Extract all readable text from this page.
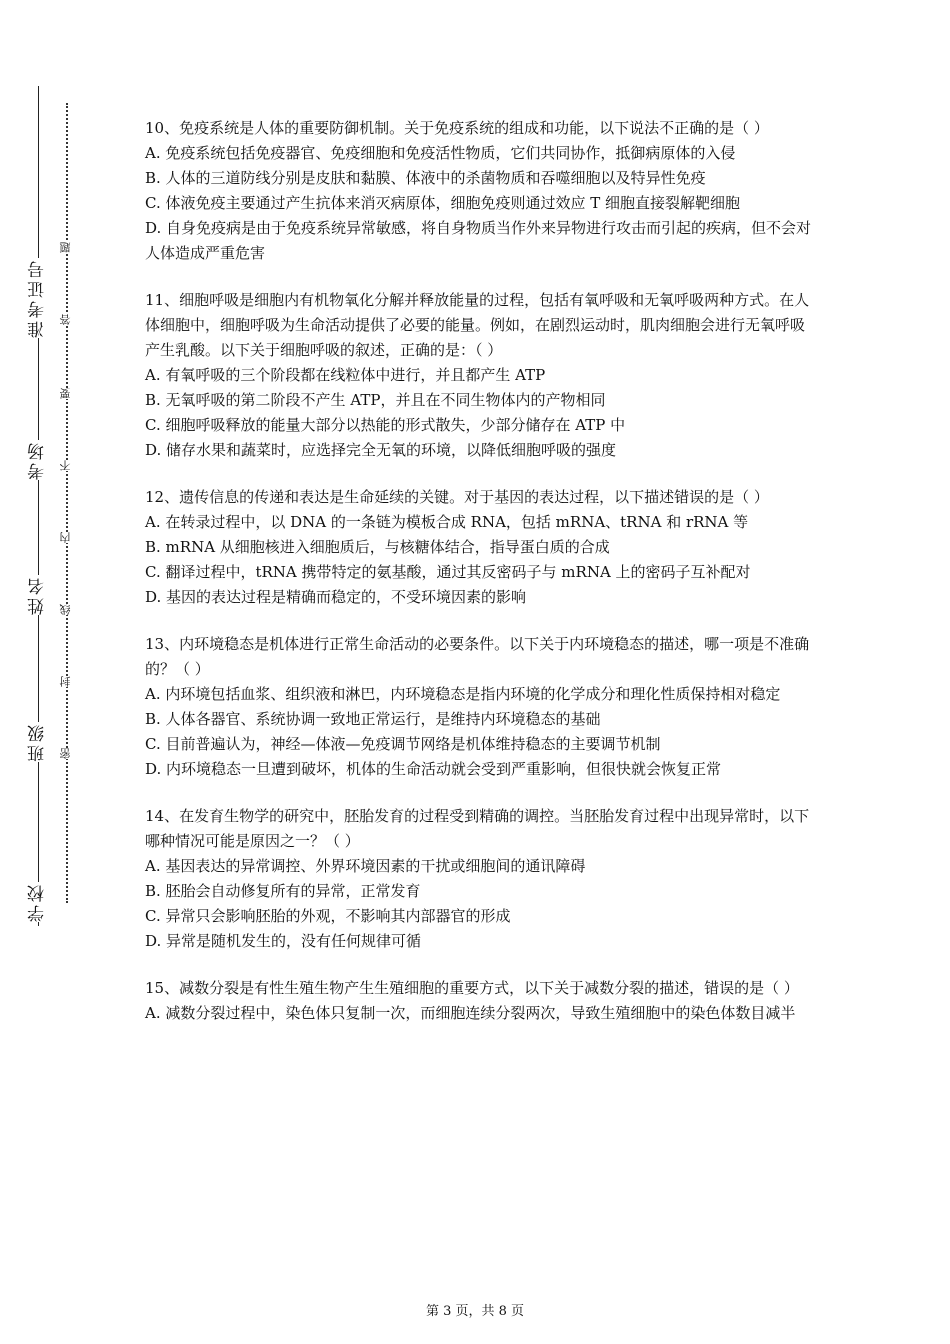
准考证号
考场
姓名
班级
学校
题
答
要
不
内
线
封
密
10、免疫系统是人体的重要防御机制。关于免疫系统的组成和功能，以下说法不正确的是（ ）
A. 免疫系统包括免疫器官、免疫细胞和免疫活性物质，它们共同协作，抵御病原体的入侵
B. 人体的三道防线分别是皮肤和黏膜、体液中的杀菌物质和吞噬细胞以及特异性免疫
C. 体液免疫主要通过产生抗体来消灭病原体，细胞免疫则通过效应 T 细胞直接裂解靶细胞
D. 自身免疫病是由于免疫系统异常敏感，将自身物质当作外来异物进行攻击而引起的疾病，但不会对人体造成严重危害
11、细胞呼吸是细胞内有机物氧化分解并释放能量的过程，包括有氧呼吸和无氧呼吸两种方式。在人体细胞中，细胞呼吸为生命活动提供了必要的能量。例如，在剧烈运动时，肌肉细胞会进行无氧呼吸产生乳酸。以下关于细胞呼吸的叙述，正确的是：（ ）
A. 有氧呼吸的三个阶段都在线粒体中进行，并且都产生 ATP
B. 无氧呼吸的第二阶段不产生 ATP，并且在不同生物体内的产物相同
C. 细胞呼吸释放的能量大部分以热能的形式散失，少部分储存在 ATP 中
D. 储存水果和蔬菜时，应选择完全无氧的环境，以降低细胞呼吸的强度
12、遗传信息的传递和表达是生命延续的关键。对于基因的表达过程，以下描述错误的是（ ）
A. 在转录过程中，以 DNA 的一条链为模板合成 RNA，包括 mRNA、tRNA 和 rRNA 等
B. mRNA 从细胞核进入细胞质后，与核糖体结合，指导蛋白质的合成
C. 翻译过程中，tRNA 携带特定的氨基酸，通过其反密码子与 mRNA 上的密码子互补配对
D. 基因的表达过程是精确而稳定的，不受环境因素的影响
13、内环境稳态是机体进行正常生命活动的必要条件。以下关于内环境稳态的描述，哪一项是不准确的？（ ）
A. 内环境包括血浆、组织液和淋巴，内环境稳态是指内环境的化学成分和理化性质保持相对稳定
B. 人体各器官、系统协调一致地正常运行，是维持内环境稳态的基础
C. 目前普遍认为，神经—体液—免疫调节网络是机体维持稳态的主要调节机制
D. 内环境稳态一旦遭到破坏，机体的生命活动就会受到严重影响，但很快就会恢复正常
14、在发育生物学的研究中，胚胎发育的过程受到精确的调控。当胚胎发育过程中出现异常时，以下哪种情况可能是原因之一？（ ）
A. 基因表达的异常调控、外界环境因素的干扰或细胞间的通讯障碍
B. 胚胎会自动修复所有的异常，正常发育
C. 异常只会影响胚胎的外观，不影响其内部器官的形成
D. 异常是随机发生的，没有任何规律可循
15、减数分裂是有性生殖生物产生生殖细胞的重要方式，以下关于减数分裂的描述，错误的是（ ）
A. 减数分裂过程中，染色体只复制一次，而细胞连续分裂两次，导致生殖细胞中的染色体数目减半
第 3 页，共 8 页
